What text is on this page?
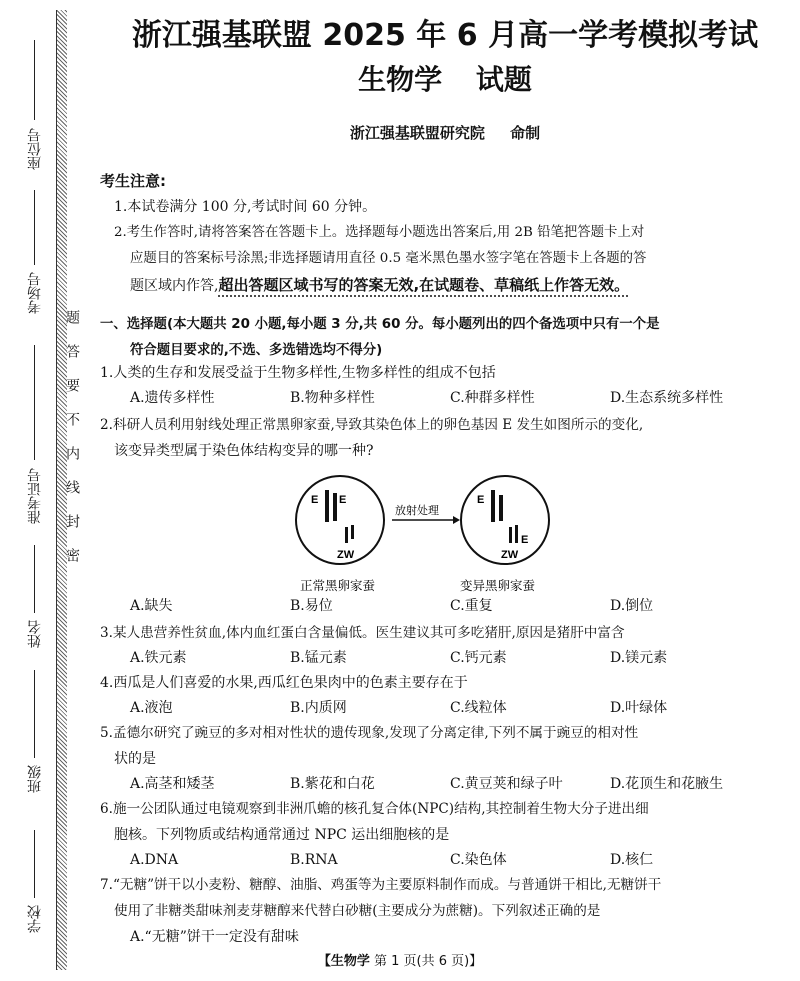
座位号
考场号
准考证号
姓名
班级
学校
题答要不内线封密
浙江强基联盟 2025 年 6 月高一学考模拟考试
生物学 试题
浙江强基联盟研究院 命制
考生注意:
1.本试卷满分 100 分,考试时间 60 分钟。
2.考生作答时,请将答案答在答题卡上。选择题每小题选出答案后,用 2B 铅笔把答题卡上对
应题目的答案标号涂黑;非选择题请用直径 0.5 毫米黑色墨水签字笔在答题卡上各题的答
题区域内作答,超出答题区域书写的答案无效,在试题卷、草稿纸上作答无效。
一、选择题(本大题共 20 小题,每小题 3 分,共 60 分。每小题列出的四个备选项中只有一个是
符合题目要求的,不选、多选错选均不得分)
1.人类的生存和发展受益于生物多样性,生物多样性的组成不包括
A.遗传多样性	B.物种多样性	C.种群多样性	D.生态系统多样性
2.科研人员利用射线处理正常黑卵家蚕,导致其染色体上的卵色基因 E 发生如图所示的变化,
该变异类型属于染色体结构变异的哪一种?
E E
ZW
放射处理
E
E
ZW
正常黑卵家蚕	变异黑卵家蚕
A.缺失	B.易位	C.重复	D.倒位
3.某人患营养性贫血,体内血红蛋白含量偏低。医生建议其可多吃猪肝,原因是猪肝中富含
A.铁元素	B.锰元素	C.钙元素	D.镁元素
4.西瓜是人们喜爱的水果,西瓜红色果肉中的色素主要存在于
A.液泡	B.内质网	C.线粒体	D.叶绿体
5.孟德尔研究了豌豆的多对相对性状的遗传现象,发现了分离定律,下列不属于豌豆的相对性
状的是
A.高茎和矮茎	B.紫花和白花	C.黄豆荚和绿子叶	D.花顶生和花腋生
6.施一公团队通过电镜观察到非洲爪蟾的核孔复合体(NPC)结构,其控制着生物大分子进出细
胞核。下列物质或结构通常通过 NPC 运出细胞核的是
A.DNA	B.RNA	C.染色体	D.核仁
7.“无糖”饼干以小麦粉、糖醇、油脂、鸡蛋等为主要原料制作而成。与普通饼干相比,无糖饼干
使用了非糖类甜味剂麦芽糖醇来代替白砂糖(主要成分为蔗糖)。下列叙述正确的是
A.“无糖”饼干一定没有甜味
【生物学 第 1 页(共 6 页)】
